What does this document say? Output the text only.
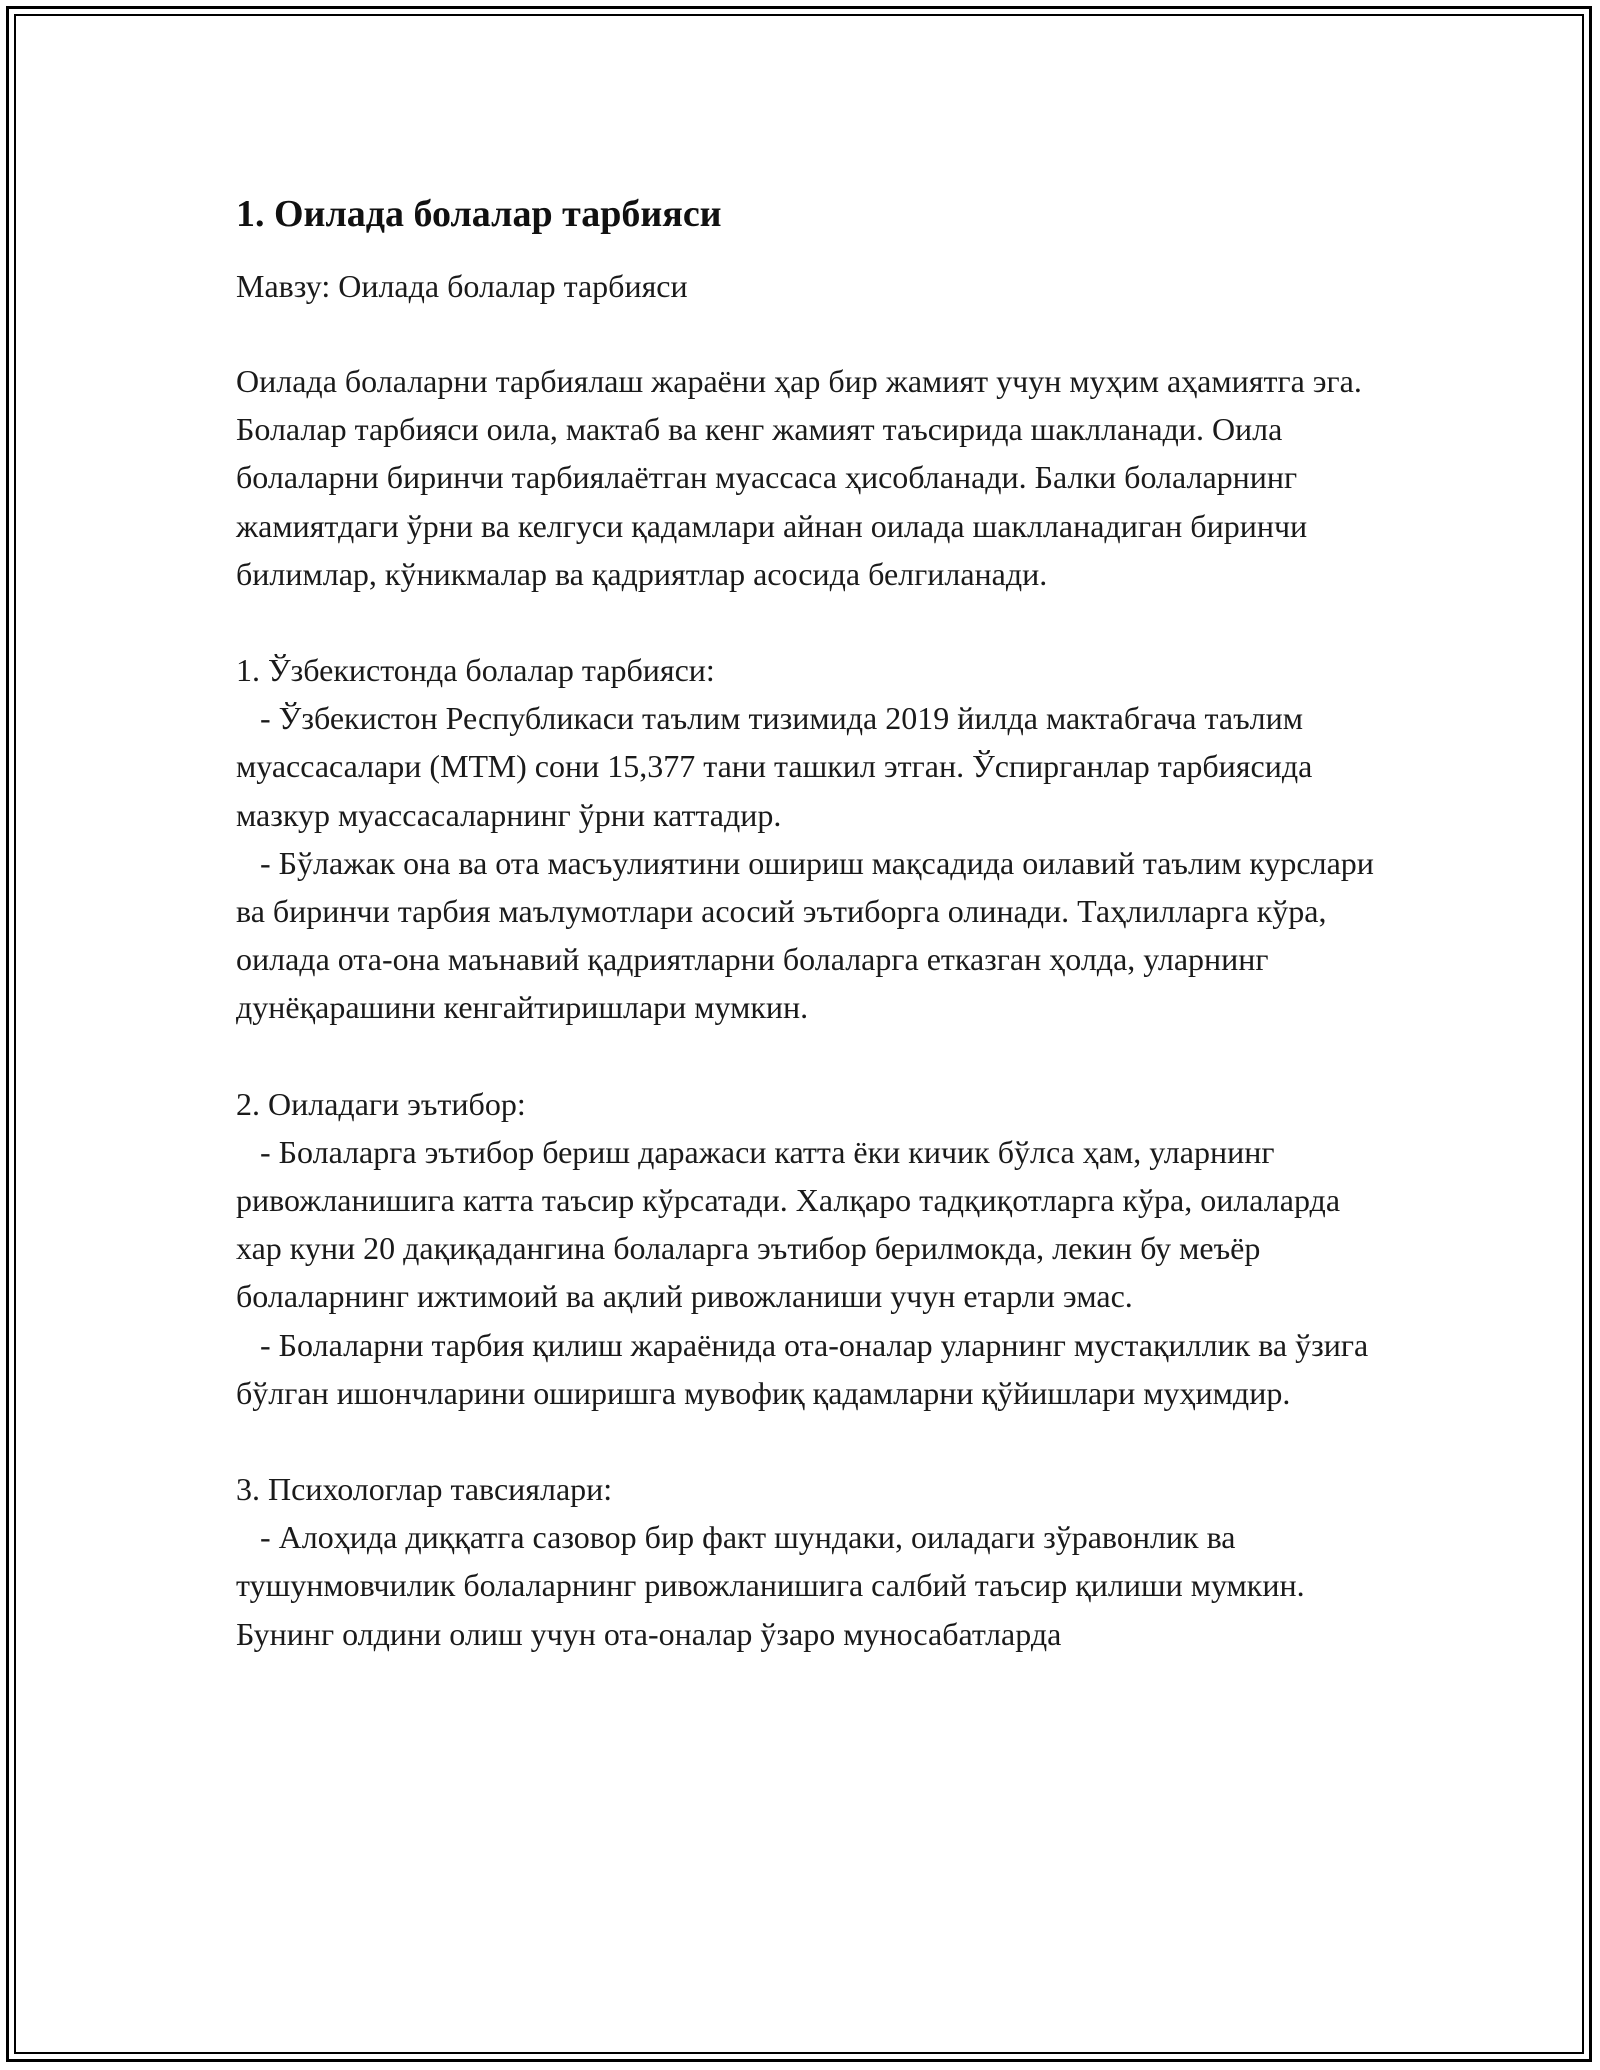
1. Оилада болалар тарбияси

Мавзу: Оилада болалар тарбияси

Оилада болаларни тарбиялаш жараёни ҳар бир жамият учун муҳим аҳамиятга эга. Болалар тарбияси оила, мактаб ва кенг жамият таъсирида шаклланади. Оила болаларни биринчи тарбиялаётган муассаса ҳисобланади. Балки болаларнинг жамиятдаги ўрни ва келгуси қадамлари айнан оилада шаклланадиган биринчи билимлар, кўникмалар ва қадриятлар асосида белгиланади.

1. Ўзбекистонда болалар тарбияси:

- Ўзбекистон Республикаси таълим тизимида 2019 йилда мактабгача таълим муассасалари (МТМ) сони 15,377 тани ташкил этган. Ўспирганлар тарбиясида мазкур муассасаларнинг ўрни каттадир.

- Бўлажак она ва ота масъулиятини ошириш мақсадида оилавий таълим курслари ва биринчи тарбия маълумотлари асосий эътиборга олинади. Таҳлилларга кўра, оилада ота-она маънавий қадриятларни болаларга етказган ҳолда, уларнинг дунёқарашини кенгайтиришлари мумкин.

2. Оиладаги эътибор:

- Болаларга эътибор бериш даражаси катта ёки кичик бўлса ҳам, уларнинг ривожланишига катта таъсир кўрсатади. Халқаро тадқиқотларга кўра, оилаларда хар куни 20 дақиқадангина болаларга эътибор берилмокда, лекин бу меъёр болаларнинг ижтимоий ва ақлий ривожланиши учун етарли эмас.

- Болаларни тарбия қилиш жараёнида ота-оналар уларнинг мустақиллик ва ўзига бўлган ишончларини оширишга мувофиқ қадамларни қўйишлари муҳимдир.

3. Психологлар тавсиялари:

- Алоҳида диққатга сазовор бир факт шундаки, оиладаги зўравонлик ва тушунмовчилик болаларнинг ривожланишига салбий таъсир қилиши мумкин. Бунинг олдини олиш учун ота-оналар ўзаро муносабатларда
